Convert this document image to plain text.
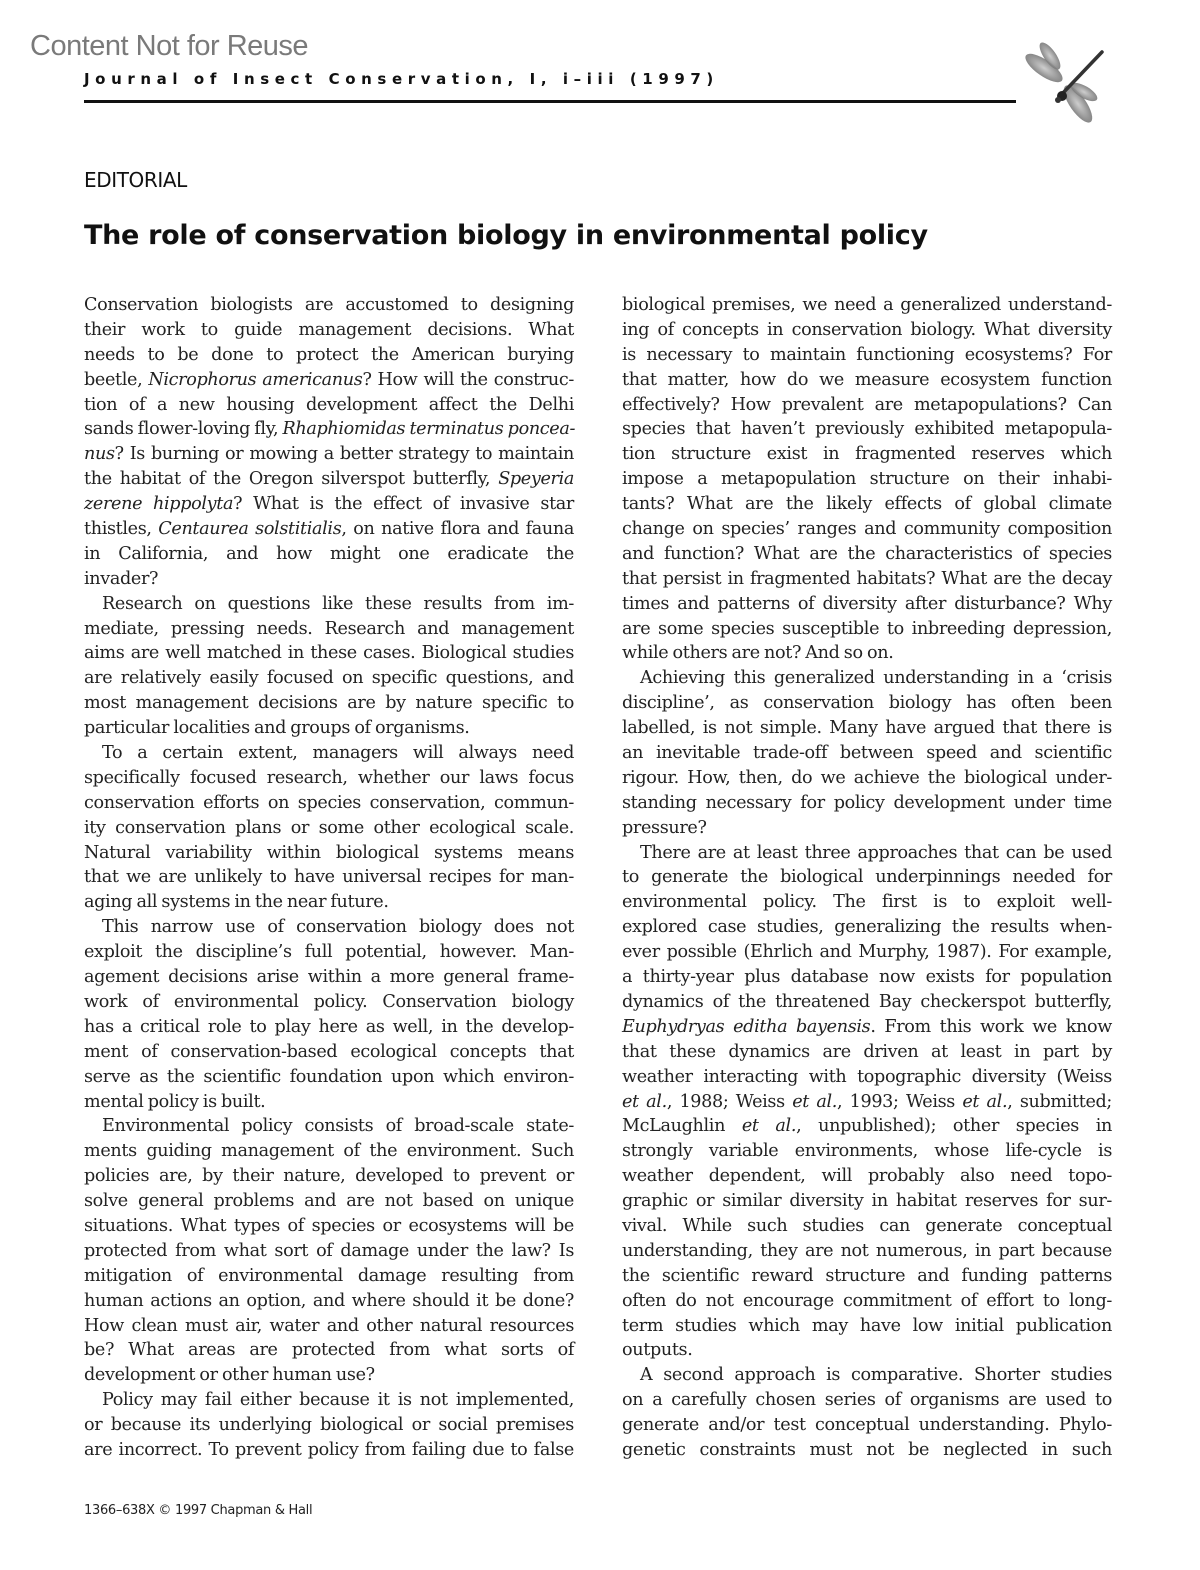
Content Not for Reuse
Journal of Insect Conservation, I, i–iii (1997)
EDITORIAL
The role of conservation biology in environmental policy
Conservation biologists are accustomed to designing
their work to guide management decisions. What
needs to be done to protect the American burying
beetle, Nicrophorus americanus? How will the construc-
tion of a new housing development affect the Delhi
sands flower-loving fly, Rhaphiomidas terminatus poncea-
nus? Is burning or mowing a better strategy to maintain
the habitat of the Oregon silverspot butterfly, Speyeria
zerene hippolyta? What is the effect of invasive star
thistles, Centaurea solstitialis, on native flora and fauna
in California, and how might one eradicate the
invader?
Research on questions like these results from im-
mediate, pressing needs. Research and management
aims are well matched in these cases. Biological studies
are relatively easily focused on specific questions, and
most management decisions are by nature specific to
particular localities and groups of organisms.
To a certain extent, managers will always need
specifically focused research, whether our laws focus
conservation efforts on species conservation, commun-
ity conservation plans or some other ecological scale.
Natural variability within biological systems means
that we are unlikely to have universal recipes for man-
aging all systems in the near future.
This narrow use of conservation biology does not
exploit the discipline’s full potential, however. Man-
agement decisions arise within a more general frame-
work of environmental policy. Conservation biology
has a critical role to play here as well, in the develop-
ment of conservation-based ecological concepts that
serve as the scientific foundation upon which environ-
mental policy is built.
Environmental policy consists of broad-scale state-
ments guiding management of the environment. Such
policies are, by their nature, developed to prevent or
solve general problems and are not based on unique
situations. What types of species or ecosystems will be
protected from what sort of damage under the law? Is
mitigation of environmental damage resulting from
human actions an option, and where should it be done?
How clean must air, water and other natural resources
be? What areas are protected from what sorts of
development or other human use?
Policy may fail either because it is not implemented,
or because its underlying biological or social premises
are incorrect. To prevent policy from failing due to false
biological premises, we need a generalized understand-
ing of concepts in conservation biology. What diversity
is necessary to maintain functioning ecosystems? For
that matter, how do we measure ecosystem function
effectively? How prevalent are metapopulations? Can
species that haven’t previously exhibited metapopula-
tion structure exist in fragmented reserves which
impose a metapopulation structure on their inhabi-
tants? What are the likely effects of global climate
change on species’ ranges and community composition
and function? What are the characteristics of species
that persist in fragmented habitats? What are the decay
times and patterns of diversity after disturbance? Why
are some species susceptible to inbreeding depression,
while others are not? And so on.
Achieving this generalized understanding in a ‘crisis
discipline’, as conservation biology has often been
labelled, is not simple. Many have argued that there is
an inevitable trade-off between speed and scientific
rigour. How, then, do we achieve the biological under-
standing necessary for policy development under time
pressure?
There are at least three approaches that can be used
to generate the biological underpinnings needed for
environmental policy. The first is to exploit well-
explored case studies, generalizing the results when-
ever possible (Ehrlich and Murphy, 1987). For example,
a thirty-year plus database now exists for population
dynamics of the threatened Bay checkerspot butterfly,
Euphydryas editha bayensis. From this work we know
that these dynamics are driven at least in part by
weather interacting with topographic diversity (Weiss
et al., 1988; Weiss et al., 1993; Weiss et al., submitted;
McLaughlin et al., unpublished); other species in
strongly variable environments, whose life-cycle is
weather dependent, will probably also need topo-
graphic or similar diversity in habitat reserves for sur-
vival. While such studies can generate conceptual
understanding, they are not numerous, in part because
the scientific reward structure and funding patterns
often do not encourage commitment of effort to long-
term studies which may have low initial publication
outputs.
A second approach is comparative. Shorter studies
on a carefully chosen series of organisms are used to
generate and/or test conceptual understanding. Phylo-
genetic constraints must not be neglected in such
1366–638X © 1997 Chapman & Hall
